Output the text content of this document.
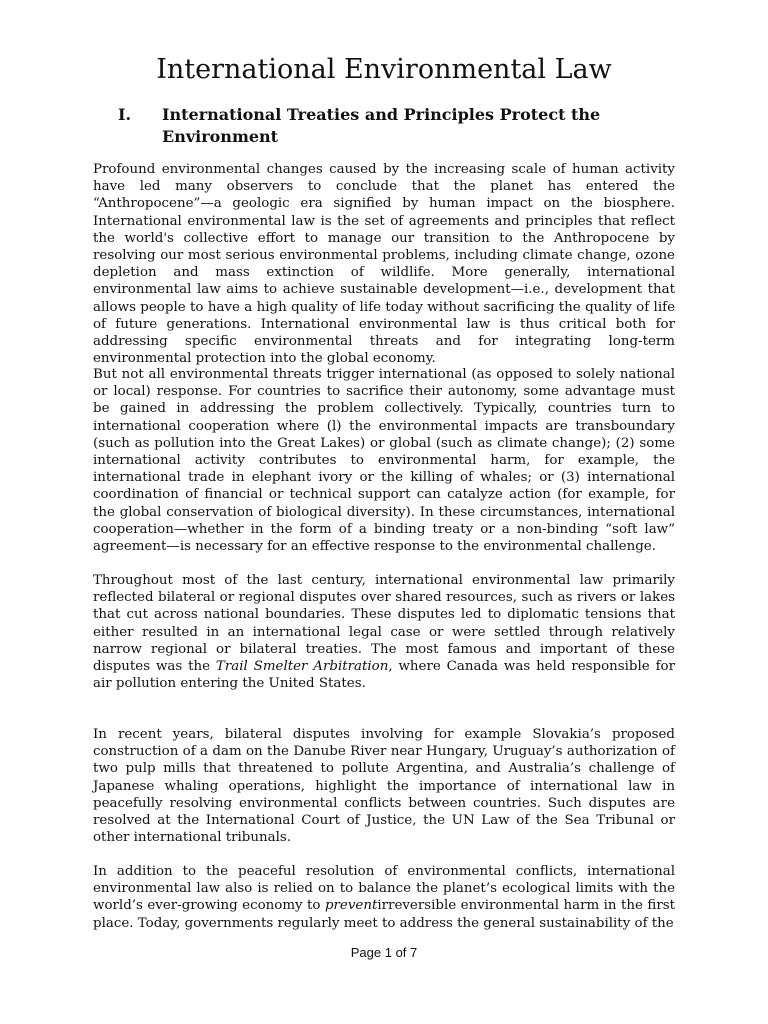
International Environmental Law
I. International Treaties and Principles Protect the Environment

Profound environmental changes caused by the increasing scale of human activity have led many observers to conclude that the planet has entered the “Anthropocene”—a geologic era signified by human impact on the biosphere. International environmental law is the set of agreements and principles that reflect the world's collective effort to manage our transition to the Anthropocene by resolving our most serious environmental problems, including climate change, ozone depletion and mass extinction of wildlife. More generally, international environmental law aims to achieve sustainable development—i.e., development that allows people to have a high quality of life today without sacrificing the quality of life of future generations. International environmental law is thus critical both for addressing specific environmental threats and for integrating long-term environmental protection into the global economy.

But not all environmental threats trigger international (as opposed to solely national or local) response. For countries to sacrifice their autonomy, some advantage must be gained in addressing the problem collectively. Typically, countries turn to international cooperation where (l) the environmental impacts are transboundary (such as pollution into the Great Lakes) or global (such as climate change); (2) some international activity contributes to environmental harm, for example, the international trade in elephant ivory or the killing of whales; or (3) international coordination of financial or technical support can catalyze action (for example, for the global conservation of biological diversity). In these circumstances, international cooperation—whether in the form of a binding treaty or a non-binding “soft law” agreement—is necessary for an effective response to the environmental challenge.

Throughout most of the last century, international environmental law primarily reflected bilateral or regional disputes over shared resources, such as rivers or lakes that cut across national boundaries. These disputes led to diplomatic tensions that either resulted in an international legal case or were settled through relatively narrow regional or bilateral treaties. The most famous and important of these disputes was the Trail Smelter Arbitration, where Canada was held responsible for air pollution entering the United States.

In recent years, bilateral disputes involving for example Slovakia’s proposed construction of a dam on the Danube River near Hungary, Uruguay’s authorization of two pulp mills that threatened to pollute Argentina, and Australia’s challenge of Japanese whaling operations, highlight the importance of international law in peacefully resolving environmental conflicts between countries. Such disputes are resolved at the International Court of Justice, the UN Law of the Sea Tribunal or other international tribunals.

In addition to the peaceful resolution of environmental conflicts, international environmental law also is relied on to balance the planet’s ecological limits with the world’s ever-growing economy to preventirreversible environmental harm in the first place. Today, governments regularly meet to address the general sustainability of the

Page 1 of 7
